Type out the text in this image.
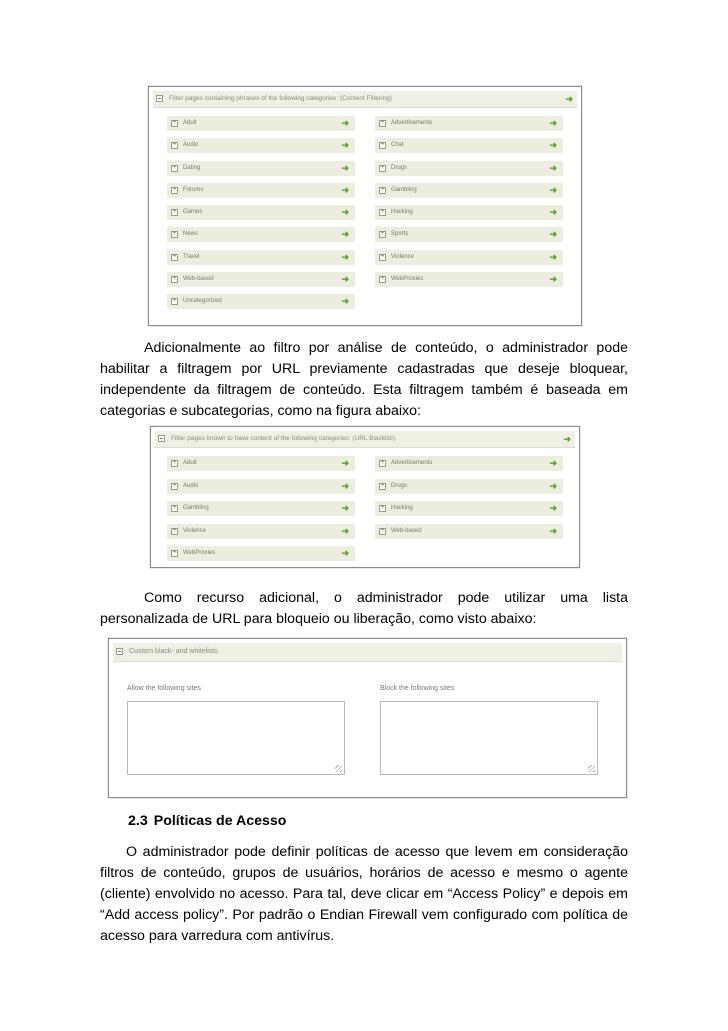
Filter pages containing phrases of the following categories: (Content Filtering)	➜
+ Adult	➜
+ Audio	➜
+ Dating	➜
+ Forums	➜
+ Games	➜
+ News	➜
+ Travel	➜
+ Web-based	➜
+ Uncategorized	➜
+ Advertisements	➜
+ Chat	➜
+ Drugs	➜
+ Gambling	➜
+ Hacking	➜
+ Sports	➜
+ Violence	➜
+ WebProxies	➜

Adicionalmente ao filtro por análise de conteúdo, o administrador pode habilitar a filtragem por URL previamente cadastradas que deseje bloquear, independente da filtragem de conteúdo. Esta filtragem também é baseada em categorias e subcategorias, como na figura abaixo:

Filter pages known to have content of the following categories: (URL Blacklist)	➜
+ Adult	➜
+ Audio	➜
+ Gambling	➜
+ Violence	➜
+ WebProxies	➜
+ Advertisements	➜
+ Drugs	➜
+ Hacking	➜
+ Web-based	➜

Como recurso adicional, o administrador pode utilizar uma lista personalizada de URL para bloqueio ou liberação, como visto abaixo:

Custom black- and whitelists
Allow the following sites	Block the following sites
2.3 Políticas de Acesso

O administrador pode definir políticas de acesso que levem em consideração filtros de conteúdo, grupos de usuários, horários de acesso e mesmo o agente (cliente) envolvido no acesso. Para tal, deve clicar em “Access Policy” e depois em “Add access policy”. Por padrão o Endian Firewall vem configurado com política de acesso para varredura com antivírus.
